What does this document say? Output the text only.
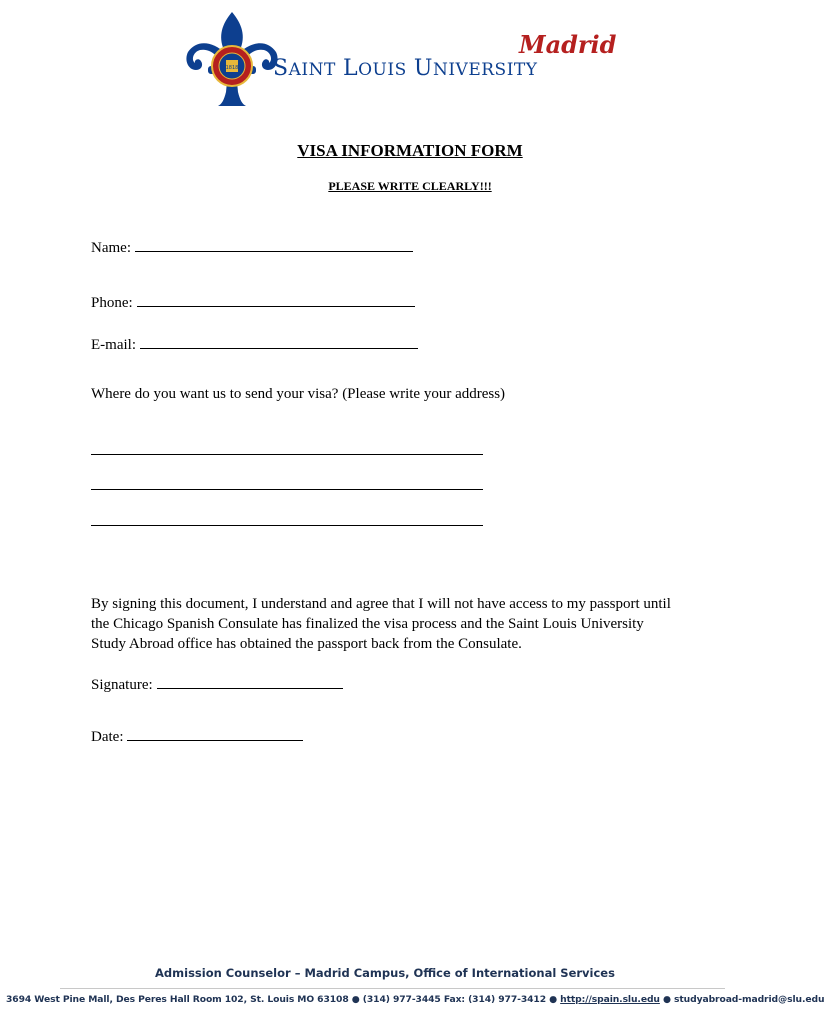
1818
Madrid
SAINT LOUIS UNIVERSITY
VISA INFORMATION FORM
PLEASE WRITE CLEARLY!!!
Name:
Phone:
E-mail:
Where do you want us to send your visa? (Please write your address)
By signing this document, I understand and agree that I will not have access to my passport until
the Chicago Spanish Consulate has finalized the visa process and the Saint Louis University
Study Abroad office has obtained the passport back from the Consulate.
Signature:
Date:
Admission Counselor – Madrid Campus, Office of International Services
3694 West Pine Mall, Des Peres Hall Room 102, St. Louis MO 63108 ● (314) 977-3445 Fax: (314) 977-3412 ● http://spain.slu.edu ● studyabroad-madrid@slu.edu
